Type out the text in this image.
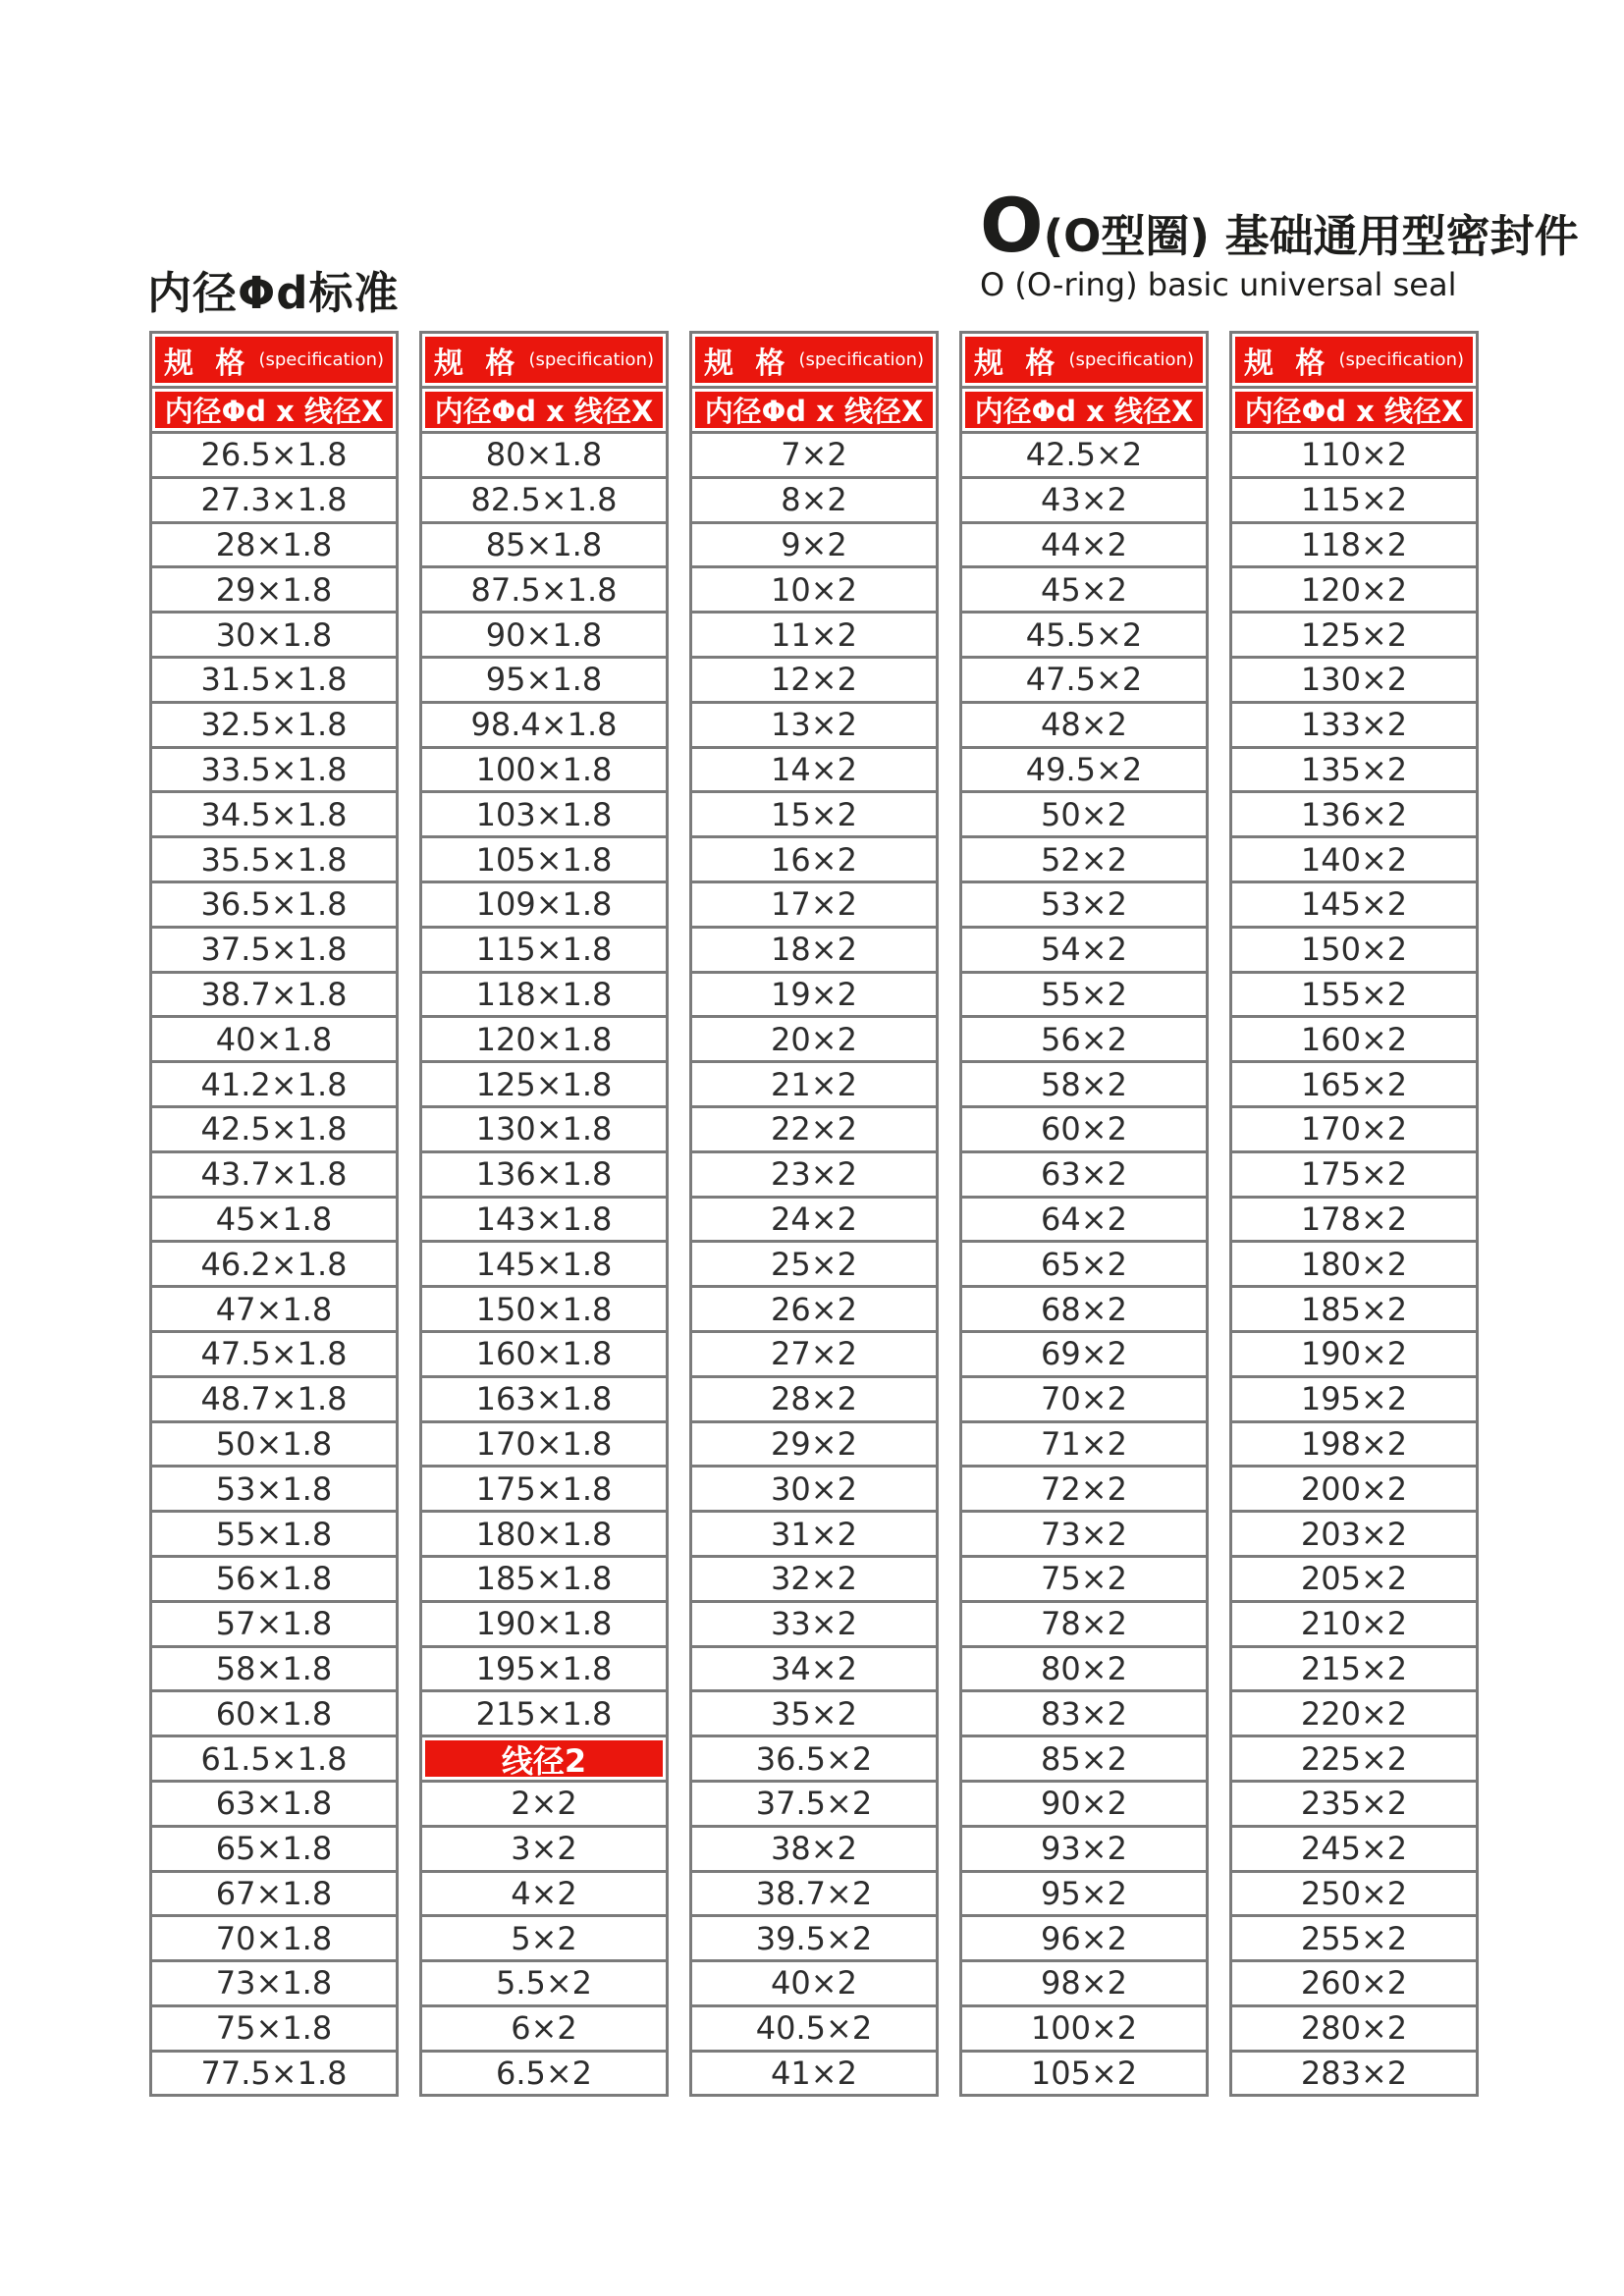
内径Φd标准
O (O型圈) 基础通用型密封件
O (O-ring) basic universal seal
规 格 (specification)
内径Φd x 线径X
26.5×1.8
27.3×1.8
28×1.8
29×1.8
30×1.8
31.5×1.8
32.5×1.8
33.5×1.8
34.5×1.8
35.5×1.8
36.5×1.8
37.5×1.8
38.7×1.8
40×1.8
41.2×1.8
42.5×1.8
43.7×1.8
45×1.8
46.2×1.8
47×1.8
47.5×1.8
48.7×1.8
50×1.8
53×1.8
55×1.8
56×1.8
57×1.8
58×1.8
60×1.8
61.5×1.8
63×1.8
65×1.8
67×1.8
70×1.8
73×1.8
75×1.8
77.5×1.8
规 格 (specification)
内径Φd x 线径X
80×1.8
82.5×1.8
85×1.8
87.5×1.8
90×1.8
95×1.8
98.4×1.8
100×1.8
103×1.8
105×1.8
109×1.8
115×1.8
118×1.8
120×1.8
125×1.8
130×1.8
136×1.8
143×1.8
145×1.8
150×1.8
160×1.8
163×1.8
170×1.8
175×1.8
180×1.8
185×1.8
190×1.8
195×1.8
215×1.8
线径2
2×2
3×2
4×2
5×2
5.5×2
6×2
6.5×2
规 格 (specification)
内径Φd x 线径X
7×2
8×2
9×2
10×2
11×2
12×2
13×2
14×2
15×2
16×2
17×2
18×2
19×2
20×2
21×2
22×2
23×2
24×2
25×2
26×2
27×2
28×2
29×2
30×2
31×2
32×2
33×2
34×2
35×2
36.5×2
37.5×2
38×2
38.7×2
39.5×2
40×2
40.5×2
41×2
规 格 (specification)
内径Φd x 线径X
42.5×2
43×2
44×2
45×2
45.5×2
47.5×2
48×2
49.5×2
50×2
52×2
53×2
54×2
55×2
56×2
58×2
60×2
63×2
64×2
65×2
68×2
69×2
70×2
71×2
72×2
73×2
75×2
78×2
80×2
83×2
85×2
90×2
93×2
95×2
96×2
98×2
100×2
105×2
规 格 (specification)
内径Φd x 线径X
110×2
115×2
118×2
120×2
125×2
130×2
133×2
135×2
136×2
140×2
145×2
150×2
155×2
160×2
165×2
170×2
175×2
178×2
180×2
185×2
190×2
195×2
198×2
200×2
203×2
205×2
210×2
215×2
220×2
225×2
235×2
245×2
250×2
255×2
260×2
280×2
283×2
